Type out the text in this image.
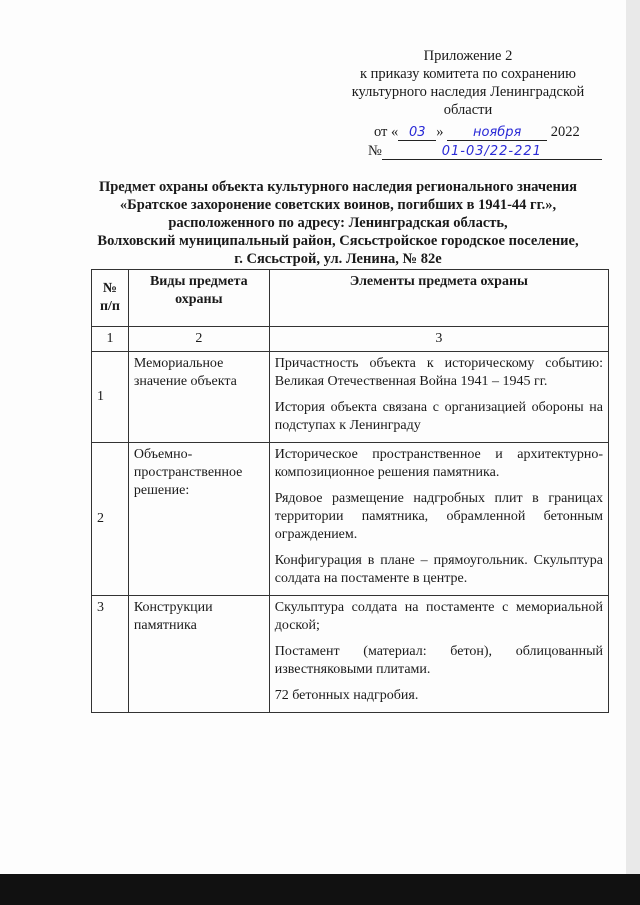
Приложение 2
к приказу комитета по сохранению
культурного наследия Ленинградской
области
от « 03 » ноября 2022
№	01-03/22-221
Предмет охраны объекта культурного наследия регионального значения
«Братское захоронение советских воинов, погибших в 1941-44 гг.»,
расположенного по адресу: Ленинградская область,
Волховский муниципальный район, Сясьстройское городское поселение,
г. Сясьстрой, ул. Ленина, № 82е
№ п/п	Виды предмета охраны	Элементы предмета охраны
1	2	3
1	Мемориальное значение объекта	Причастность объекта к историческому событию: Великая Отечественная Война 1941 – 1945 гг.

История объекта связана с организацией обороны на подступах к Ленинграду

2	Объемно-пространственное решение:	Историческое пространственное и архитектурно-композиционное решения памятника.

Рядовое размещение надгробных плит в границах территории памятника, обрамленной бетонным ограждением.

Конфигурация в плане – прямоугольник. Скульптура солдата на постаменте в центре.

3	Конструкции памятника	Скульптура солдата на постаменте с мемориальной доской;

Постамент (материал: бетон), облицованный известняковыми плитами.

72 бетонных надгробия.
